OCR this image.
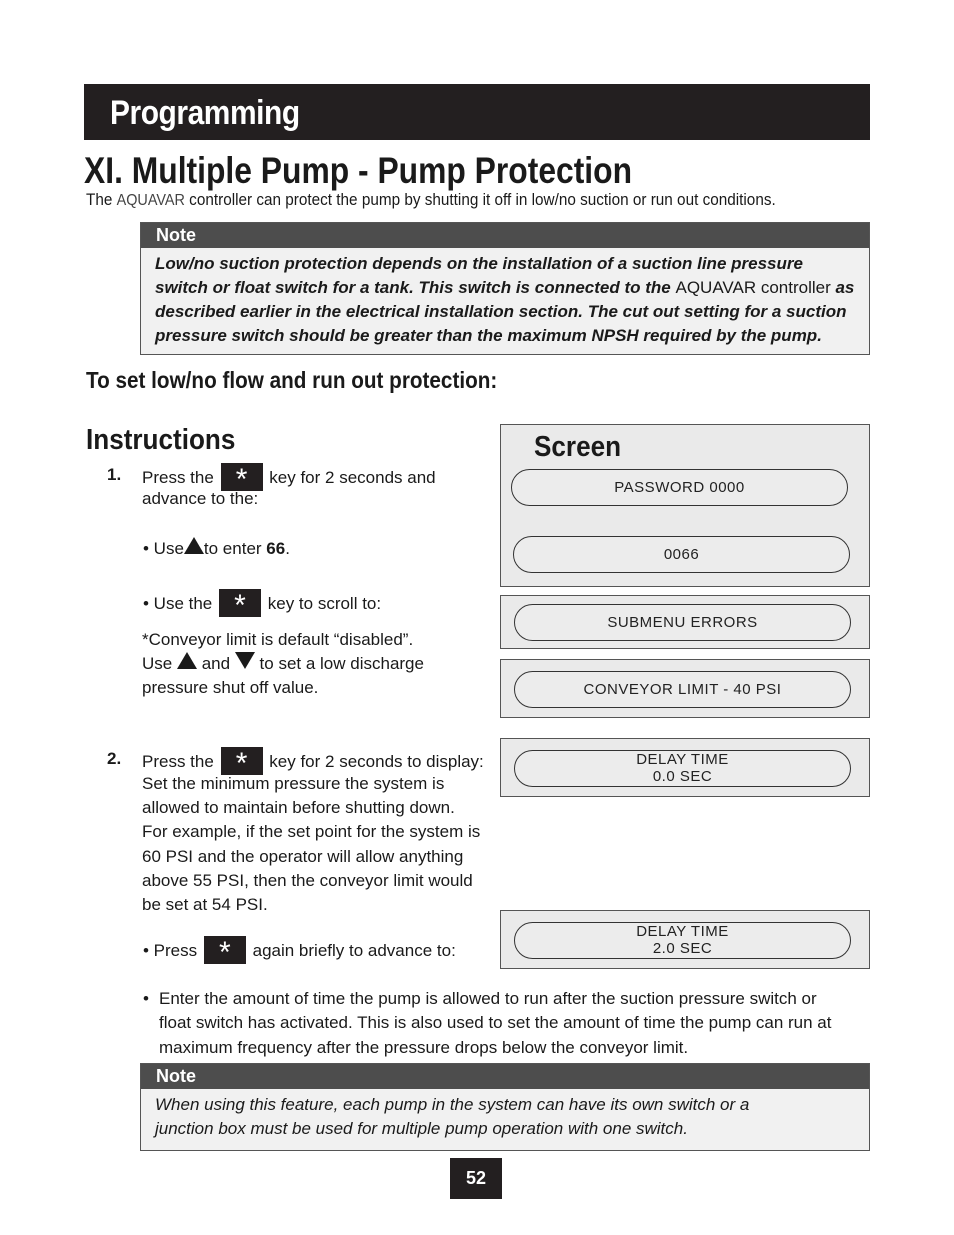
Programming
XI. Multiple Pump - Pump Protection
The AQUAVAR controller can protect the pump by shutting it off in low/no suction or run out conditions.
Note
Low/no suction protection depends on the installation of a suction line pressure switch or float switch for a tank. This switch is connected to the AQUAVAR controller as described earlier in the electrical installation section. The cut out setting for a suction pressure switch should be greater than the maximum NPSH required by the pump.
To set low/no flow and run out protection:
Instructions
1. Press the * key for 2 seconds and
advance to the:
• Use to enter 66.
• Use the * key to scroll to:
*Conveyor limit is default “disabled”.
Use and to set a low discharge
pressure shut off value.
2. Press the * key for 2 seconds to display:
Set the minimum pressure the system is
allowed to maintain before shutting down.
For example, if the set point for the system is
60 PSI and the operator will allow anything
above 55 PSI, then the conveyor limit would
be set at 54 PSI.
• Press * again briefly to advance to:
• Enter the amount of time the pump is allowed to run after the suction pressure switch or
float switch has activated. This is also used to set the amount of time the pump can run at
maximum frequency after the pressure drops below the conveyor limit.
Screen
PASSWORD 0000
0066
SUBMENU ERRORS
CONVEYOR LIMIT - 40 PSI
DELAY TIME
0.0 SEC
DELAY TIME
2.0 SEC
Note
When using this feature, each pump in the system can have its own switch or a
junction box must be used for multiple pump operation with one switch.
52
